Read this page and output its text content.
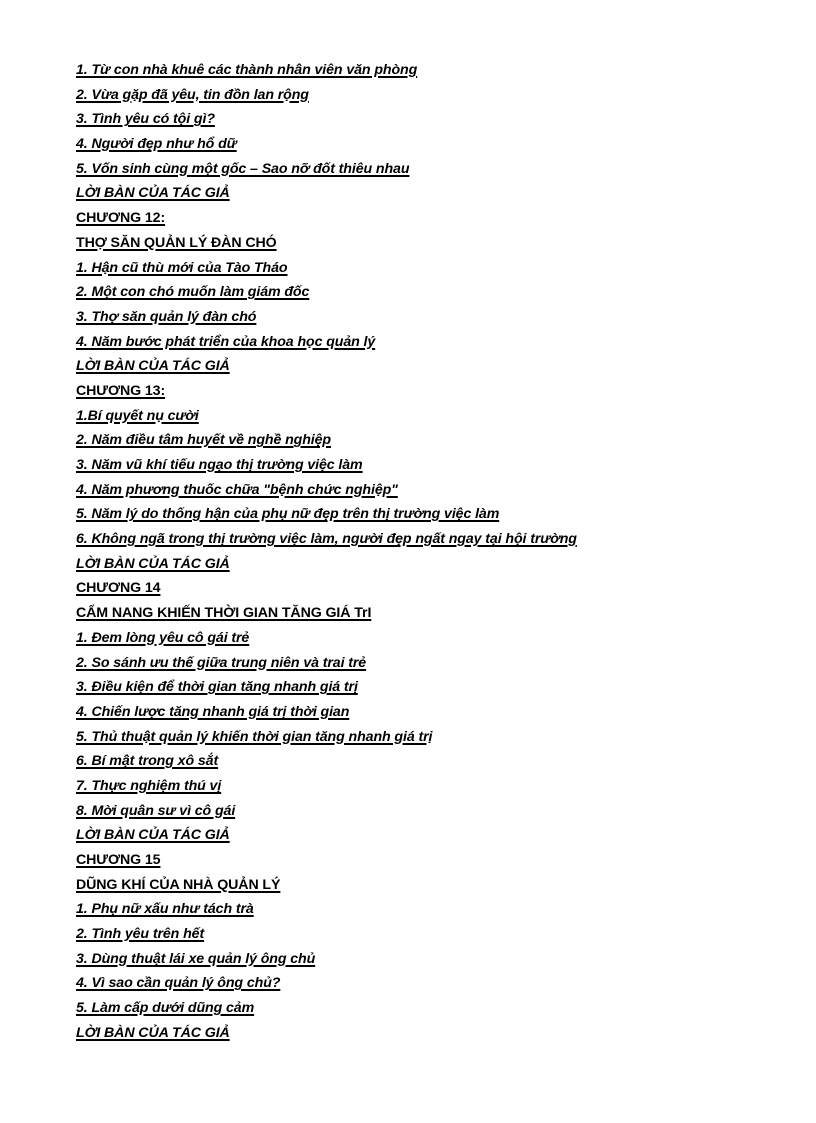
1. Từ con nhà khuê các thành nhân viên văn phòng
2. Vừa gặp đã yêu, tin đồn lan rộng
3. Tình yêu có tội gì?
4. Người đẹp như hổ dữ
5. Vốn sinh cùng một gốc – Sao nỡ đốt thiêu nhau
LỜI BÀN CỦA TÁC GIẢ
CHƯƠNG 12:
THỢ SĂN QUẢN LÝ ĐÀN CHÓ
1. Hận cũ thù mới của Tào Tháo
2. Một con chó muốn làm giám đốc
3. Thợ săn quản lý đàn chó
4. Năm bước phát triển của khoa học quản lý
LỜI BÀN CỦA TÁC GIẢ
CHƯƠNG 13:
1.Bí quyết nụ cười
2. Năm điều tâm huyết về nghề nghiệp
3. Năm vũ khí tiếu ngạo thị trường việc làm
4. Năm phương thuốc chữa "bệnh chức nghiệp"
5. Năm lý do thống hận của phụ nữ đẹp trên thị trường việc làm
6. Không ngã trong thị trường việc làm, người đẹp ngất ngay tại hội trường
LỜI BÀN CỦA TÁC GIẢ
CHƯƠNG 14
CẨM NANG KHIẾN THỜI GIAN TĂNG GIÁ TrI
1. Đem lòng yêu cô gái trẻ
2. So sánh ưu thế giữa trung niên và trai trẻ
3. Điều kiện để thời gian tăng nhanh giá trị
4. Chiến lược tăng nhanh giá trị thời gian
5. Thủ thuật quản lý khiến thời gian tăng nhanh giá trị
6. Bí mật trong xô sắt
7. Thực nghiệm thú vị
8. Mời quân sư vì cô gái
LỜI BÀN CỦA TÁC GIẢ
CHƯƠNG 15
DŨNG KHÍ CỦA NHÀ QUẢN LÝ
1. Phụ nữ xấu như tách trà
2. Tình yêu trên hết
3. Dùng thuật lái xe quản lý ông chủ
4. Vì sao cần quản lý ông chủ?
5. Làm cấp dưới dũng cảm
LỜI BÀN CỦA TÁC GIẢ
